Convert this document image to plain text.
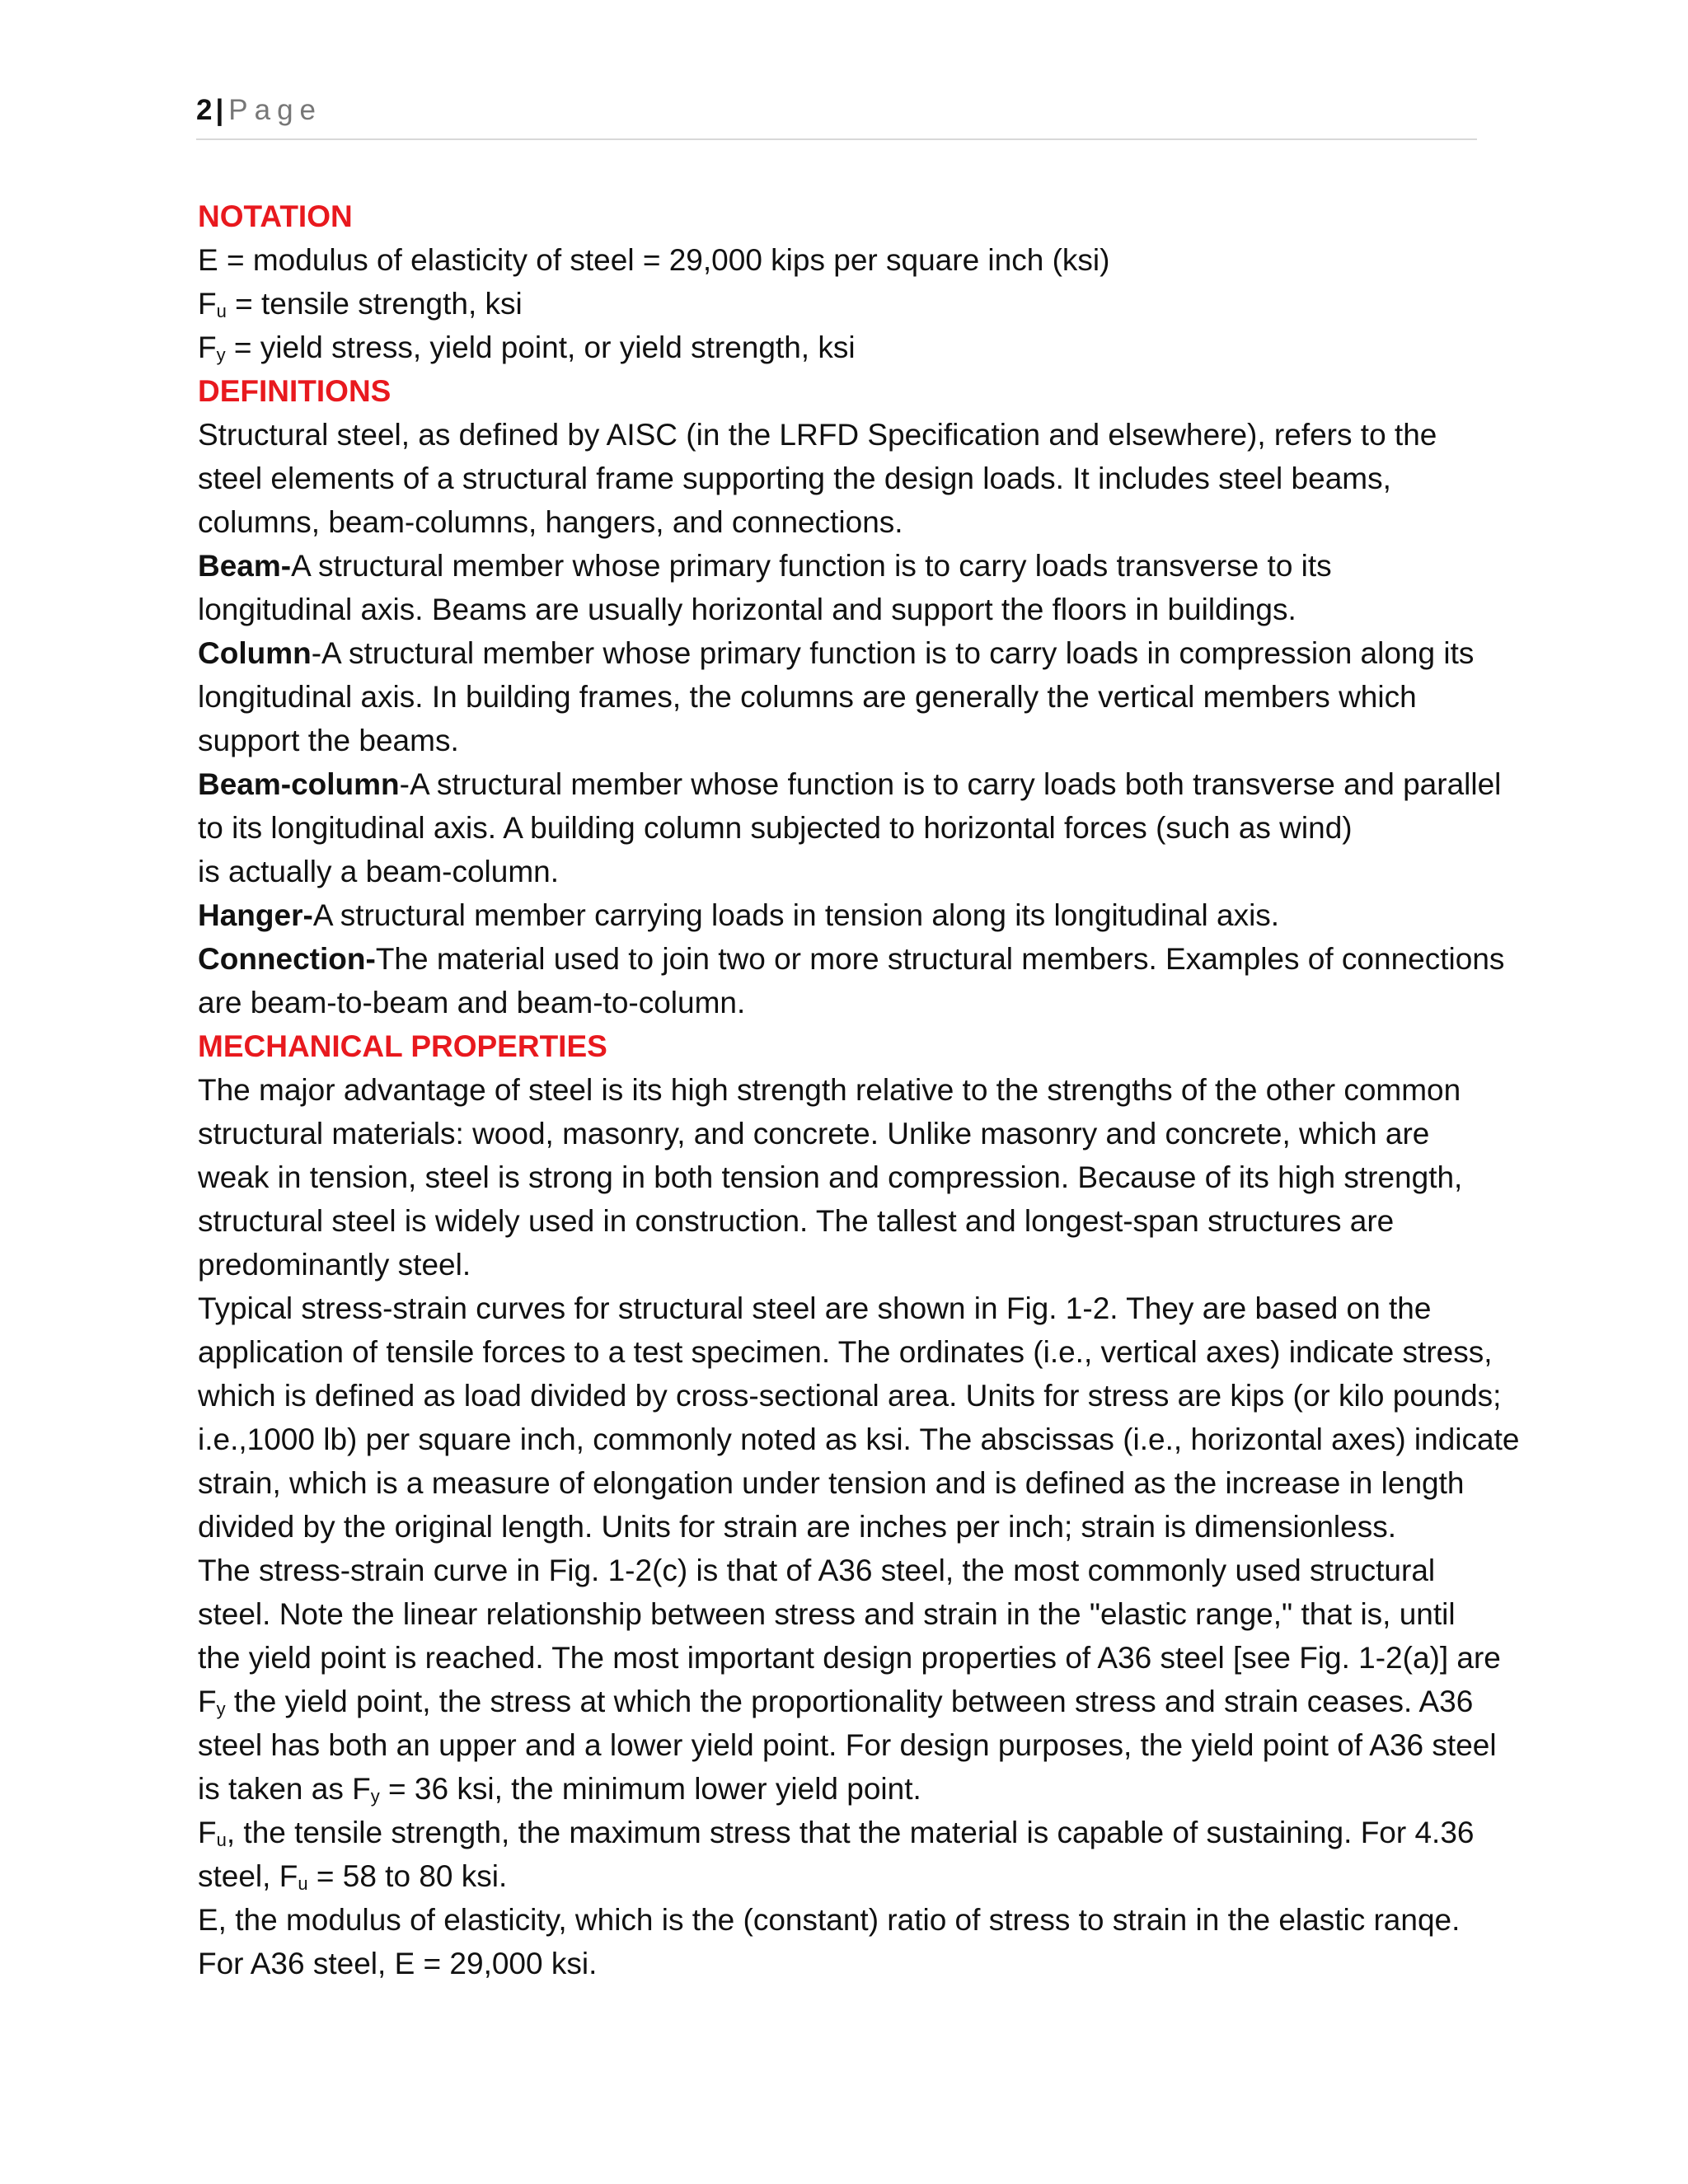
2 | Page
NOTATION
E = modulus of elasticity of steel = 29,000 kips per square inch (ksi)
$F_u$ = tensile strength, ksi
$F_y$ = yield stress, yield point, or yield strength, ksi
DEFINITIONS
Structural steel, as defined by AISC (in the LRFD Specification and elsewhere), refers to the
steel elements of a structural frame supporting the design loads. It includes steel beams,
columns, beam-columns, hangers, and connections.
Beam-A structural member whose primary function is to carry loads transverse to its
longitudinal axis. Beams are usually horizontal and support the floors in buildings.
Column-A structural member whose primary function is to carry loads in compression along its
longitudinal axis. In building frames, the columns are generally the vertical members which
support the beams.
Beam-column-A structural member whose function is to carry loads both transverse and parallel
to its longitudinal axis. A building column subjected to horizontal forces (such as wind)
is actually a beam-column.
Hanger-A structural member carrying loads in tension along its longitudinal axis.
Connection-The material used to join two or more structural members. Examples of connections
are beam-to-beam and beam-to-column.
MECHANICAL PROPERTIES
The major advantage of steel is its high strength relative to the strengths of the other common
structural materials: wood, masonry, and concrete. Unlike masonry and concrete, which are
weak in tension, steel is strong in both tension and compression. Because of its high strength,
structural steel is widely used in construction. The tallest and longest-span structures are
predominantly steel.
Typical stress-strain curves for structural steel are shown in Fig. 1-2. They are based on the
application of tensile forces to a test specimen. The ordinates (i.e., vertical axes) indicate stress,
which is defined as load divided by cross-sectional area. Units for stress are kips (or kilo pounds;
i.e.,1000 lb) per square inch, commonly noted as ksi. The abscissas (i.e., horizontal axes) indicate
strain, which is a measure of elongation under tension and is defined as the increase in length
divided by the original length. Units for strain are inches per inch; strain is dimensionless.
The stress-strain curve in Fig. 1-2(c) is that of A36 steel, the most commonly used structural
steel. Note the linear relationship between stress and strain in the "elastic range," that is, until
the yield point is reached. The most important design properties of A36 steel [see Fig. 1-2(a)] are
$F_y$ the yield point, the stress at which the proportionality between stress and strain ceases. A36
steel has both an upper and a lower yield point. For design purposes, the yield point of A36 steel
is taken as $F_y = 36$ ksi, the minimum lower yield point.
$F_u$, the tensile strength, the maximum stress that the material is capable of sustaining. For 4.36
steel, $F_u = 58$ to 80 ksi.
E, the modulus of elasticity, which is the (constant) ratio of stress to strain in the elastic ranqe.
For A36 steel, E = 29,000 ksi.
